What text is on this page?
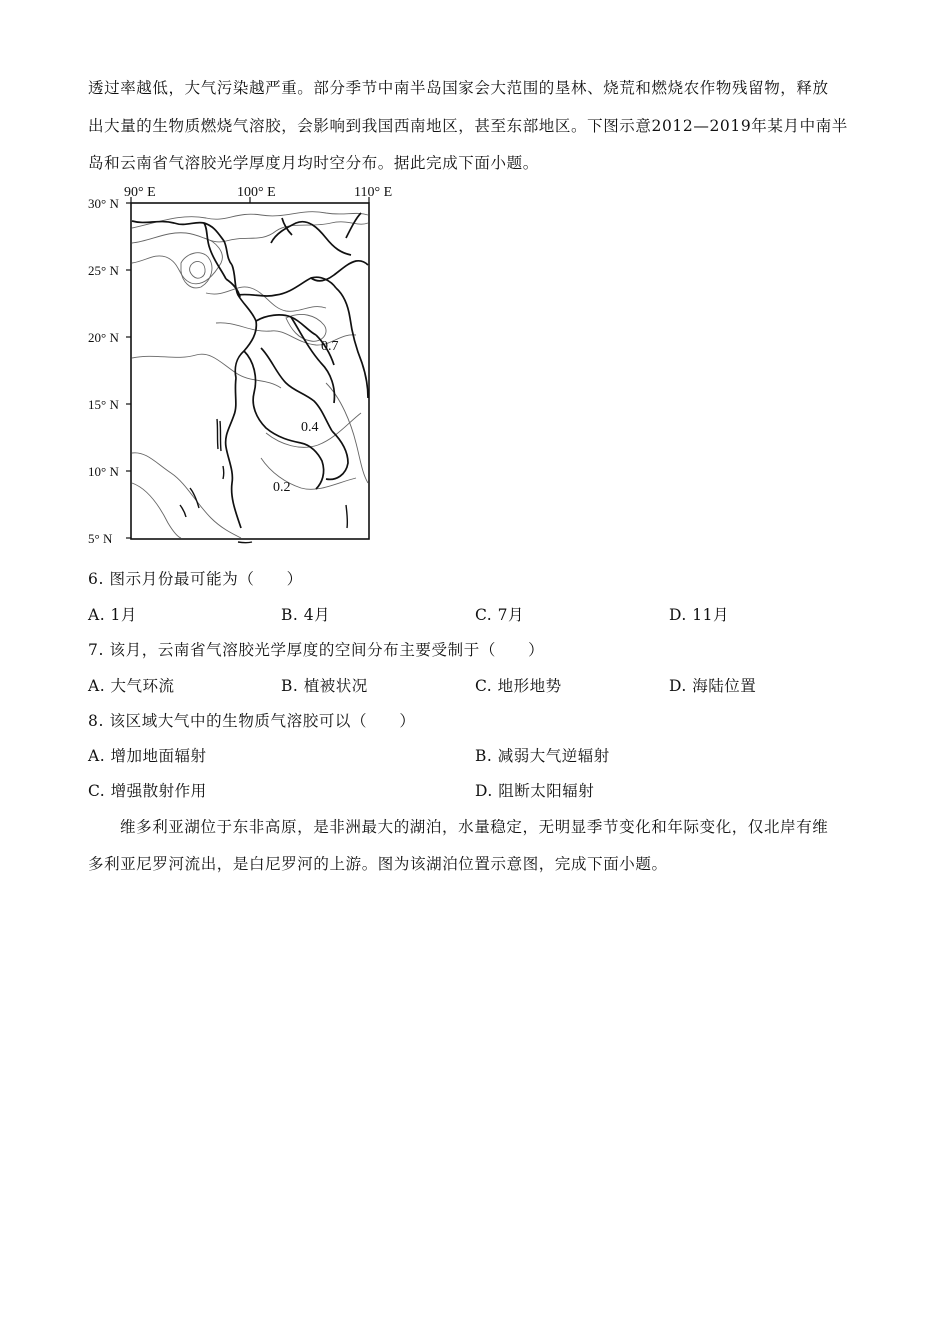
透过率越低，大气污染越严重。部分季节中南半岛国家会大范围的垦林、烧荒和燃烧农作物残留物，释放
出大量的生物质燃烧气溶胶，会影响到我国西南地区，甚至东部地区。下图示意2012—2019年某月中南半
岛和云南省气溶胶光学厚度月均时空分布。据此完成下面小题。
90° E	100° E	110° E
30° N
25° N
20° N
15° N
10° N
5° N
0.7
0.4
0.2
6. 图示月份最可能为（　　）
A. 1月	B. 4月	C. 7月	D. 11月
7. 该月，云南省气溶胶光学厚度的空间分布主要受制于（　　）
A. 大气环流	B. 植被状况	C. 地形地势	D. 海陆位置
8. 该区域大气中的生物质气溶胶可以（　　）
A. 增加地面辐射	B. 减弱大气逆辐射
C. 增强散射作用	D. 阻断太阳辐射
维多利亚湖位于东非高原，是非洲最大的湖泊，水量稳定，无明显季节变化和年际变化，仅北岸有维
多利亚尼罗河流出，是白尼罗河的上游。图为该湖泊位置示意图，完成下面小题。
